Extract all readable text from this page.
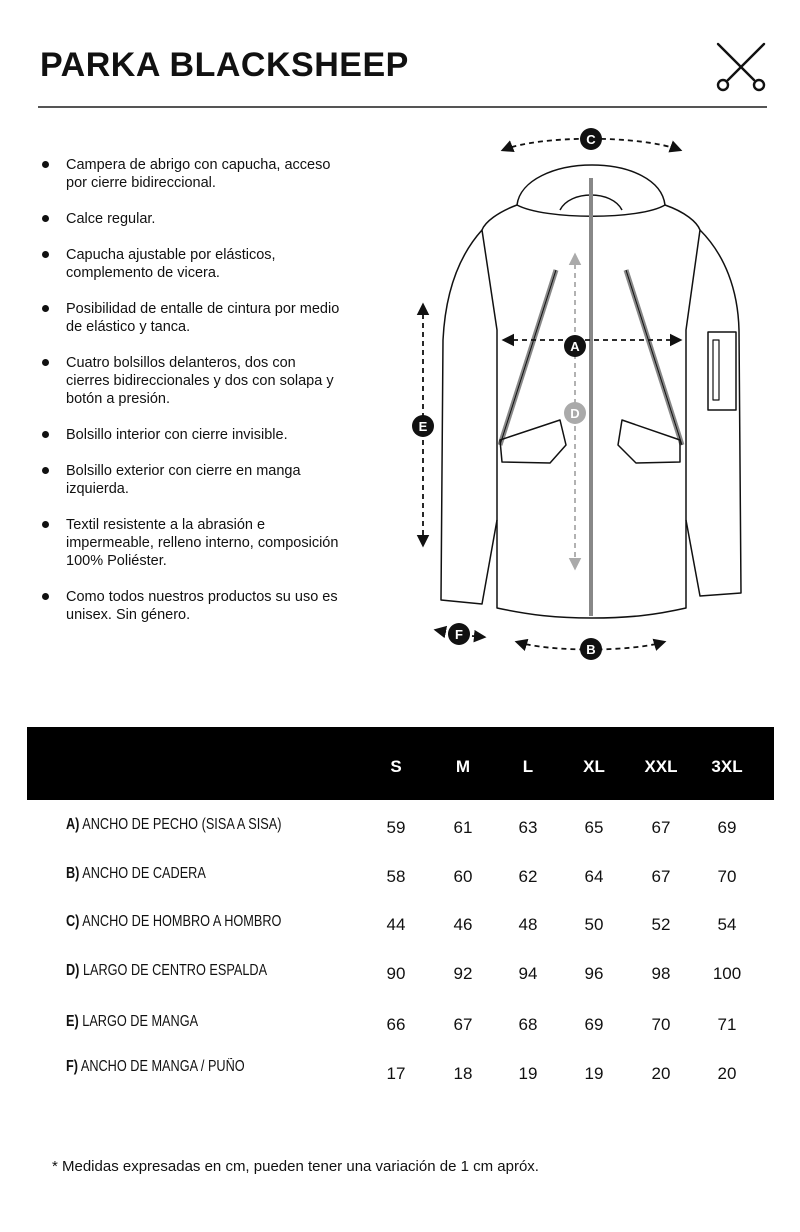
PARKA BLACKSHEEP
Campera de abrigo con capucha, acceso por cierre bidireccional.
Calce regular.
Capucha ajustable por elásticos, complemento de vicera.
Posibilidad de entalle de cintura por medio de elástico y tanca.
Cuatro bolsillos delanteros, dos con cierres bidireccionales y dos con solapa y botón a presión.
Bolsillo interior con cierre invisible.
Bolsillo exterior con cierre en manga izquierda.
Textil resistente a la abrasión e impermeable, relleno interno, composición 100% Poliéster.
Como todos nuestros productos su uso es unisex. Sin género.
C
A
D
E
F
B
S	M	L	XL	XXL	3XL
A) ANCHO DE PECHO (SISA A SISA)	59	61	63	65	67	69
B) ANCHO DE CADERA	58	60	62	64	67	70
C) ANCHO DE HOMBRO A HOMBRO	44	46	48	50	52	54
D) LARGO DE CENTRO ESPALDA	90	92	94	96	98	100
E) LARGO DE MANGA	66	67	68	69	70	71
F) ANCHO DE MANGA / PUÑO	17	18	19	19	20	20
* Medidas expresadas en cm, pueden tener una variación de 1 cm apróx.
